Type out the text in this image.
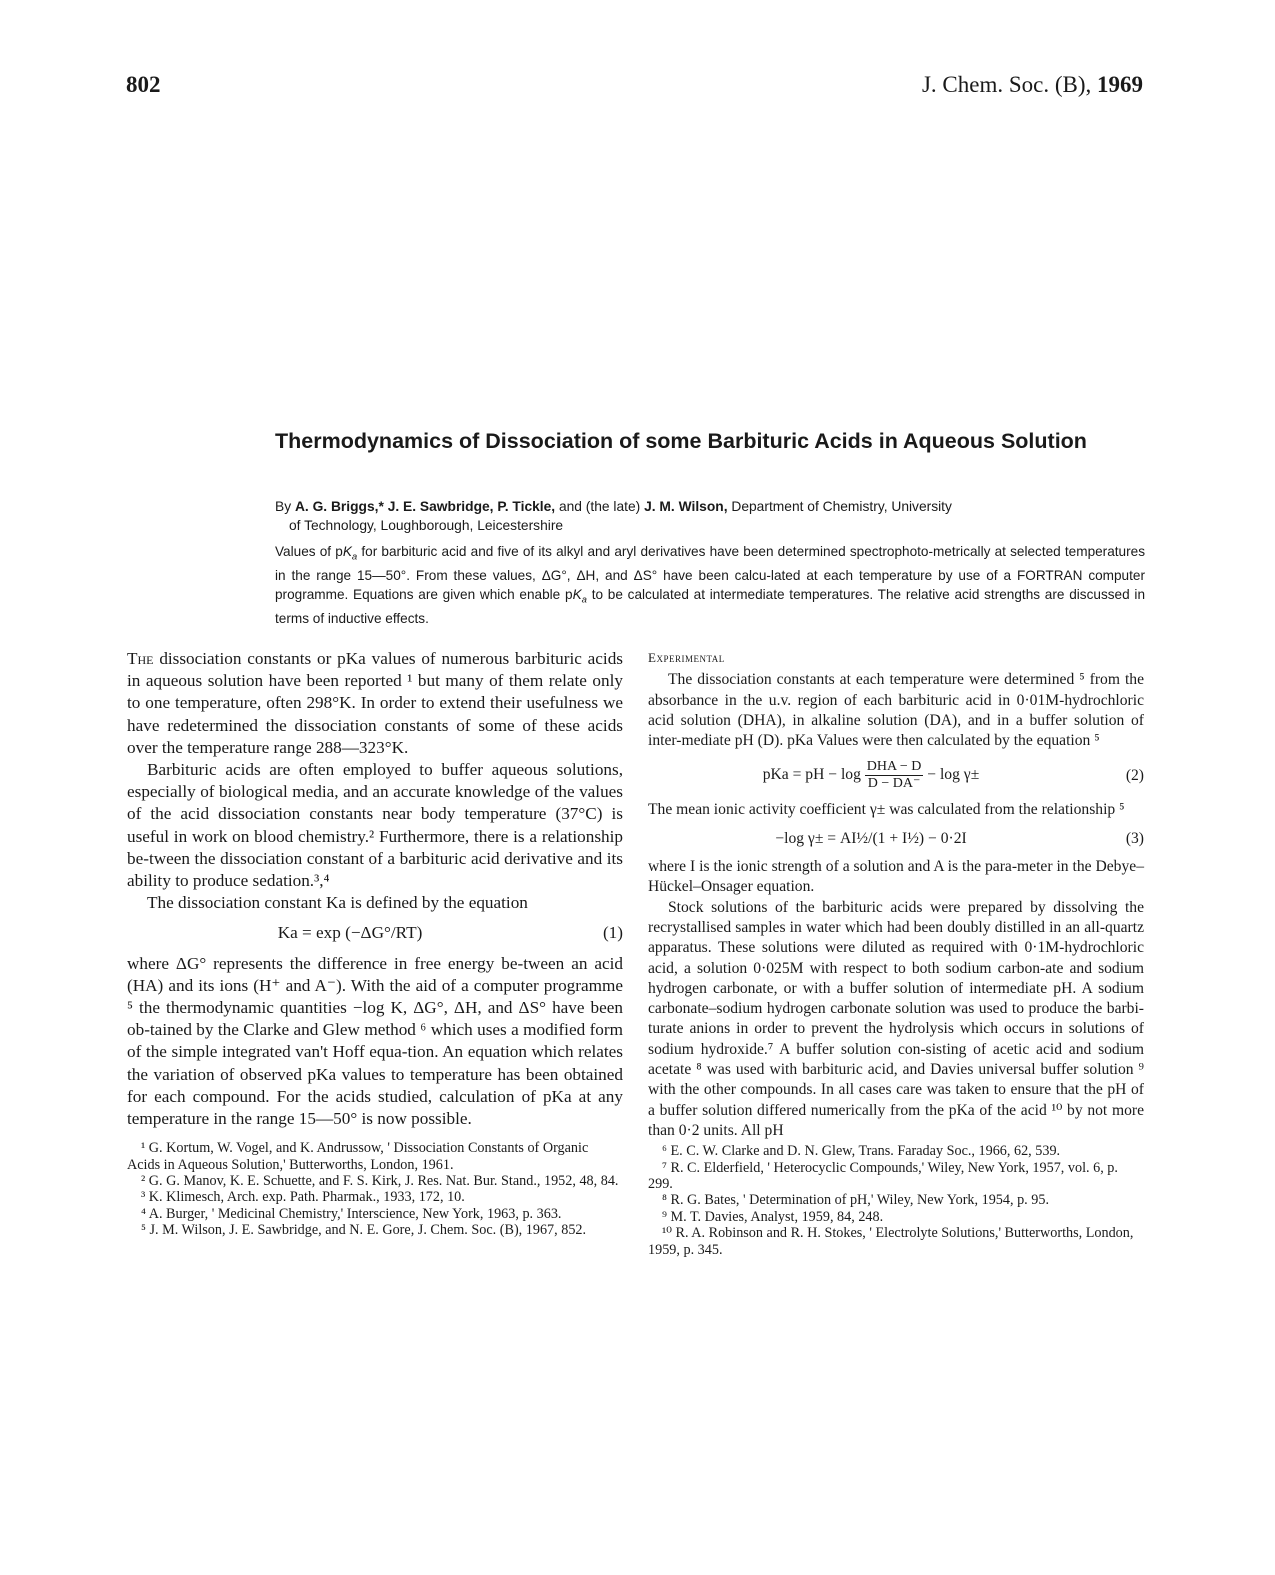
802	J. Chem. Soc. (B), 1969
Thermodynamics of Dissociation of some Barbituric Acids in Aqueous Solution
By A. G. Briggs,* J. E. Sawbridge, P. Tickle, and (the late) J. M. Wilson, Department of Chemistry, University
of Technology, Loughborough, Leicestershire
Values of $pK_a$ for barbituric acid and five of its alkyl and aryl derivatives have been determined spectrophoto-metrically at selected temperatures in the range 15—50°. From these values, ΔG°, ΔH, and ΔS° have been calcu-lated at each temperature by use of a FORTRAN computer programme. Equations are given which enable $pK_a$ to be calculated at intermediate temperatures. The relative acid strengths are discussed in terms of inductive effects.

The dissociation constants or pKa values of numerous barbituric acids in aqueous solution have been reported ¹ but many of them relate only to one temperature, often 298°K. In order to extend their usefulness we have redetermined the dissociation constants of some of these acids over the temperature range 288—323°K.

Barbituric acids are often employed to buffer aqueous solutions, especially of biological media, and an accurate knowledge of the values of the acid dissociation constants near body temperature (37°C) is useful in work on blood chemistry.² Furthermore, there is a relationship be-tween the dissociation constant of a barbituric acid derivative and its ability to produce sedation.³,⁴

The dissociation constant Ka is defined by the equation

Ka = exp (−ΔG°/RT)	(1)

where ΔG° represents the difference in free energy be-tween an acid (HA) and its ions (H⁺ and A⁻). With the aid of a computer programme ⁵ the thermodynamic quantities −log K, ΔG°, ΔH, and ΔS° have been ob-tained by the Clarke and Glew method ⁶ which uses a modified form of the simple integrated van't Hoff equa-tion. An equation which relates the variation of observed pKa values to temperature has been obtained for each compound. For the acids studied, calculation of pKa at any temperature in the range 15—50° is now possible.

¹ G. Kortum, W. Vogel, and K. Andrussow, ' Dissociation Constants of Organic Acids in Aqueous Solution,' Butterworths, London, 1961.
² G. G. Manov, K. E. Schuette, and F. S. Kirk, J. Res. Nat. Bur. Stand., 1952, 48, 84.
³ K. Klimesch, Arch. exp. Path. Pharmak., 1933, 172, 10.
⁴ A. Burger, ' Medicinal Chemistry,' Interscience, New York, 1963, p. 363.
⁵ J. M. Wilson, J. E. Sawbridge, and N. E. Gore, J. Chem. Soc. (B), 1967, 852.
Experimental

The dissociation constants at each temperature were determined ⁵ from the absorbance in the u.v. region of each barbituric acid in 0·01M-hydrochloric acid solution (DHA), in alkaline solution (DA), and in a buffer solution of inter-mediate pH (D). pKa Values were then calculated by the equation ⁵

pKa = pH − $\log \frac{\text{DHA − D}}{D - DA^-} - \log \gamma\pm$	(2)

The mean ionic activity coefficient γ± was calculated from the relationship ⁵

−log γ± = AI½/(1 + I½) − 0·2I	(3)

where I is the ionic strength of a solution and A is the para-meter in the Debye–Hückel–Onsager equation.

Stock solutions of the barbituric acids were prepared by dissolving the recrystallised samples in water which had been doubly distilled in an all-quartz apparatus. These solutions were diluted as required with 0·1M-hydrochloric acid, a solution 0·025M with respect to both sodium carbon-ate and sodium hydrogen carbonate, or with a buffer solution of intermediate pH. A sodium carbonate–sodium hydrogen carbonate solution was used to produce the barbi-turate anions in order to prevent the hydrolysis which occurs in solutions of sodium hydroxide.⁷ A buffer solution con-sisting of acetic acid and sodium acetate ⁸ was used with barbituric acid, and Davies universal buffer solution ⁹ with the other compounds. In all cases care was taken to ensure that the pH of a buffer solution differed numerically from the pKa of the acid ¹⁰ by not more than 0·2 units. All pH

⁶ E. C. W. Clarke and D. N. Glew, Trans. Faraday Soc., 1966, 62, 539.
⁷ R. C. Elderfield, ' Heterocyclic Compounds,' Wiley, New York, 1957, vol. 6, p. 299.
⁸ R. G. Bates, ' Determination of pH,' Wiley, New York, 1954, p. 95.
⁹ M. T. Davies, Analyst, 1959, 84, 248.
¹⁰ R. A. Robinson and R. H. Stokes, ' Electrolyte Solutions,' Butterworths, London, 1959, p. 345.
